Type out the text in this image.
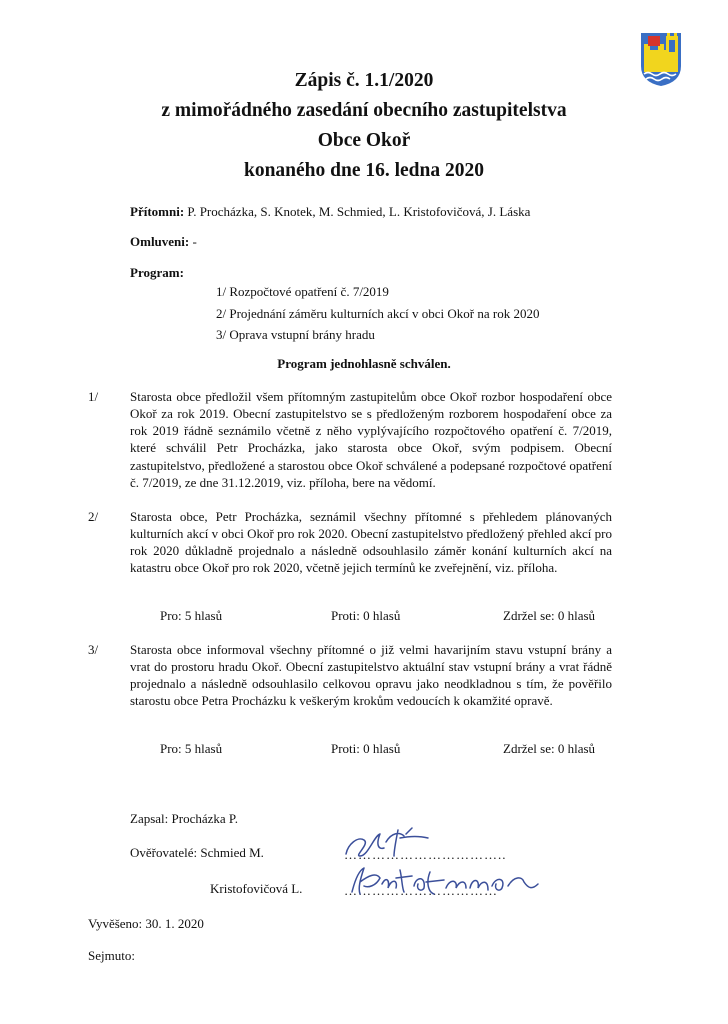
Zápis č. 1.1/2020
z mimořádného zasedání obecního zastupitelstva
Obce Okoř
konaného dne 16. ledna 2020
Přítomni: P. Procházka, S. Knotek, M. Schmied, L. Kristofovičová, J. Láska
Omluveni: -
Program:
1/ Rozpočtové opatření č. 7/2019
2/ Projednání záměru kulturních akcí v obci Okoř na rok 2020
3/ Oprava vstupní brány hradu
Program jednohlasně schválen.
1/ Starosta obce předložil všem přítomným zastupitelům obce Okoř rozbor hospodaření obce Okoř za rok 2019. Obecní zastupitelstvo se s předloženým rozborem hospodaření obce za rok 2019 řádně seznámilo včetně z něho vyplývajícího rozpočtového opatření č. 7/2019, které schválil Petr Procházka, jako starosta obce Okoř, svým podpisem. Obecní zastupitelstvo, předložené a starostou obce Okoř schválené a podepsané rozpočtové opatření č. 7/2019, ze dne 31.12.2019, viz. příloha, bere na vědomí.
2/ Starosta obce, Petr Procházka, seznámil všechny přítomné s přehledem plánovaných kulturních akcí v obci Okoř pro rok 2020. Obecní zastupitelstvo předložený přehled akcí pro rok 2020 důkladně projednalo a následně odsouhlasilo záměr konání kulturních akcí na katastru obce Okoř pro rok 2020, včetně jejich termínů ke zveřejnění, viz. příloha.
Pro: 5 hlasů	Proti: 0 hlasů	Zdržel se: 0 hlasů
3/ Starosta obce informoval všechny přítomné o již velmi havarijním stavu vstupní brány a vrat do prostoru hradu Okoř. Obecní zastupitelstvo aktuální stav vstupní brány a vrat řádně projednalo a následně odsouhlasilo celkovou opravu jako neodkladnou s tím, že pověřilo starostu obce Petra Procházku k veškerým krokům vedoucích k okamžité opravě.
Pro: 5 hlasů	Proti: 0 hlasů	Zdržel se: 0 hlasů
Zapsal: Procházka P.
Ověřovatelé: Schmied M.	……………………………..
Kristofovičová L.	……………………………
Vyvěšeno: 30. 1. 2020
Sejmuto:
